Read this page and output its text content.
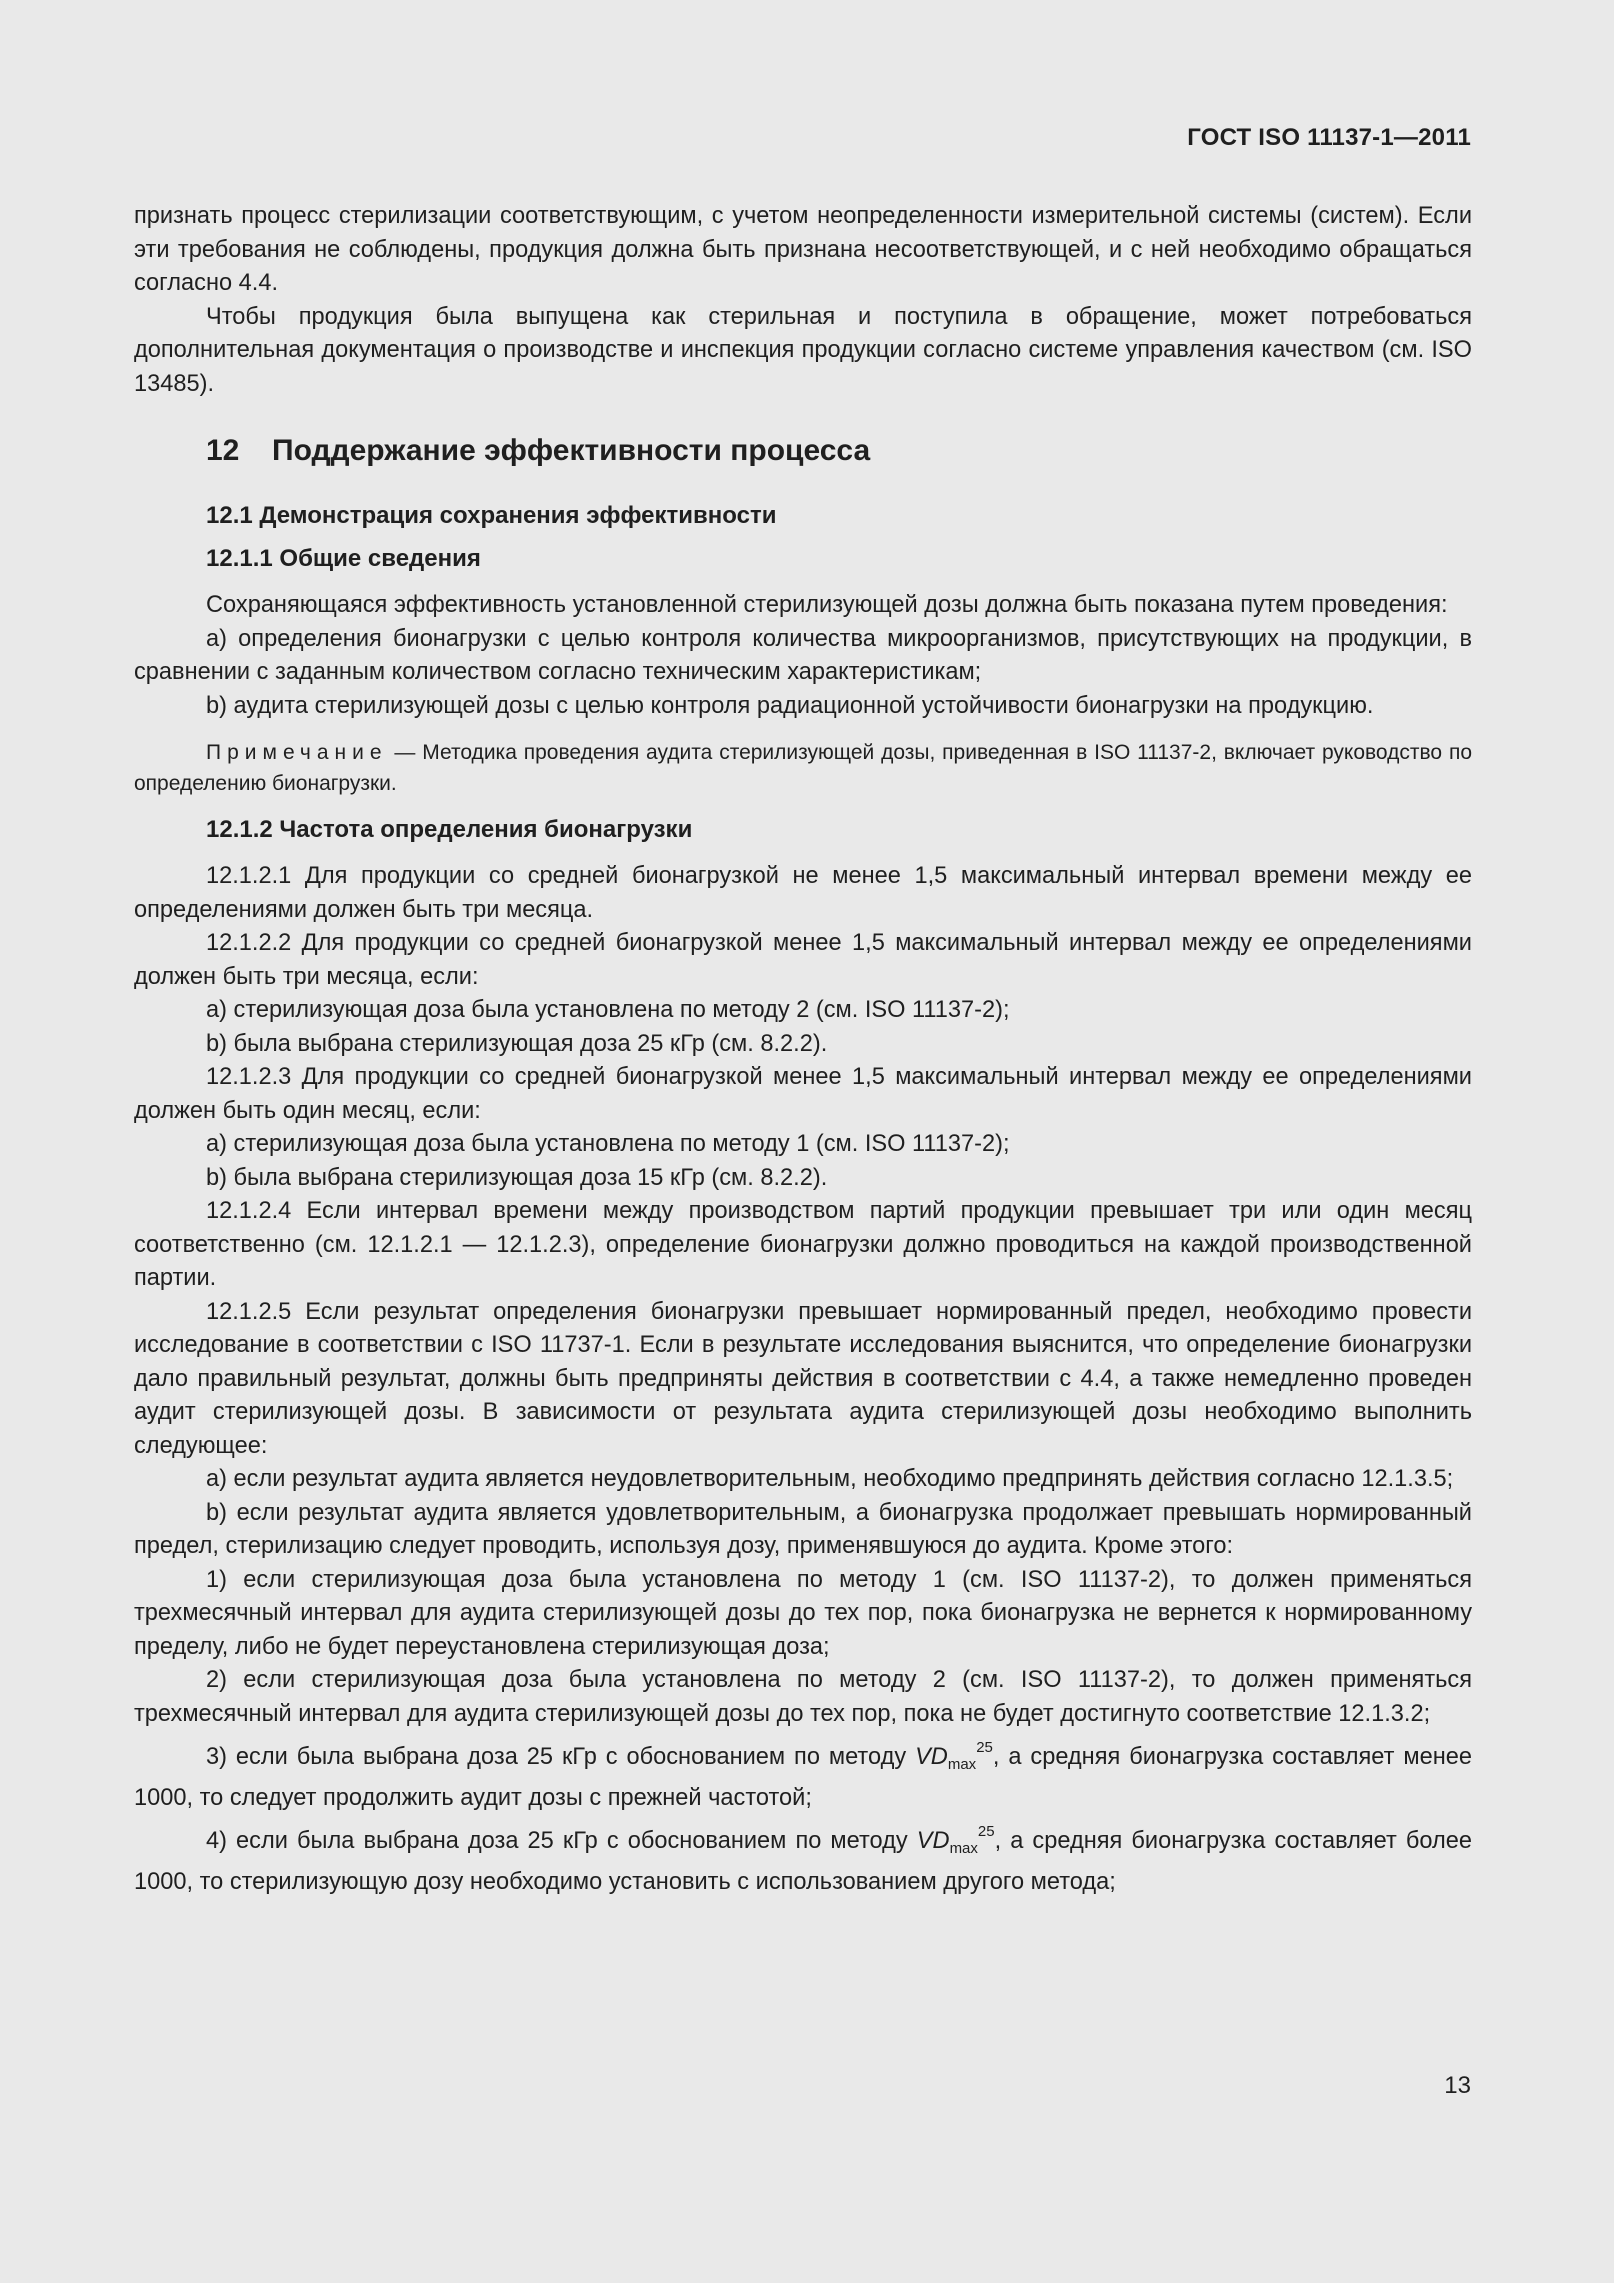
ГОСТ ISO 11137-1—2011

признать процесс стерилизации соответствующим, с учетом неопределенности измерительной системы (систем). Если эти требования не соблюдены, продукция должна быть признана несоответствующей, и с ней необходимо обращаться согласно 4.4.

Чтобы продукция была выпущена как стерильная и поступила в обращение, может потребоваться дополнительная документация о производстве и инспекция продукции согласно системе управления качеством (см. ISO 13485).

12 Поддержание эффективности процесса
12.1 Демонстрация сохранения эффективности
12.1.1 Общие сведения

Сохраняющаяся эффективность установленной стерилизующей дозы должна быть показана путем проведения:

a) определения бионагрузки с целью контроля количества микроорганизмов, присутствующих на продукции, в сравнении с заданным количеством согласно техническим характеристикам;

b) аудита стерилизующей дозы с целью контроля радиационной устойчивости бионагрузки на продукцию.

Примечание — Методика проведения аудита стерилизующей дозы, приведенная в ISO 11137-2, включает руководство по определению бионагрузки.

12.1.2 Частота определения бионагрузки

12.1.2.1 Для продукции со средней бионагрузкой не менее 1,5 максимальный интервал времени между ее определениями должен быть три месяца.

12.1.2.2 Для продукции со средней бионагрузкой менее 1,5 максимальный интервал между ее определениями должен быть три месяца, если:

a) стерилизующая доза была установлена по методу 2 (см. ISO 11137-2);

b) была выбрана стерилизующая доза 25 кГр (см. 8.2.2).

12.1.2.3 Для продукции со средней бионагрузкой менее 1,5 максимальный интервал между ее определениями должен быть один месяц, если:

a) стерилизующая доза была установлена по методу 1 (см. ISO 11137-2);

b) была выбрана стерилизующая доза 15 кГр (см. 8.2.2).

12.1.2.4 Если интервал времени между производством партий продукции превышает три или один месяц соответственно (см. 12.1.2.1 — 12.1.2.3), определение бионагрузки должно проводиться на каждой производственной партии.

12.1.2.5 Если результат определения бионагрузки превышает нормированный предел, необходимо провести исследование в соответствии с ISO 11737-1. Если в результате исследования выяснится, что определение бионагрузки дало правильный результат, должны быть предприняты действия в соответствии с 4.4, а также немедленно проведен аудит стерилизующей дозы. В зависимости от результата аудита стерилизующей дозы необходимо выполнить следующее:

a) если результат аудита является неудовлетворительным, необходимо предпринять действия согласно 12.1.3.5;

b) если результат аудита является удовлетворительным, а бионагрузка продолжает превышать нормированный предел, стерилизацию следует проводить, используя дозу, применявшуюся до аудита. Кроме этого:

1) если стерилизующая доза была установлена по методу 1 (см. ISO 11137-2), то должен применяться трехмесячный интервал для аудита стерилизующей дозы до тех пор, пока бионагрузка не вернется к нормированному пределу, либо не будет переустановлена стерилизующая доза;

2) если стерилизующая доза была установлена по методу 2 (см. ISO 11137-2), то должен применяться трехмесячный интервал для аудита стерилизующей дозы до тех пор, пока не будет достигнуто соответствие 12.1.3.2;

3) если была выбрана доза 25 кГр с обоснованием по методу $VD_{max}^{25}$, а средняя бионагрузка составляет менее 1000, то следует продолжить аудит дозы с прежней частотой;

4) если была выбрана доза 25 кГр с обоснованием по методу $VD_{max}^{25}$, а средняя бионагрузка составляет более 1000, то стерилизующую дозу необходимо установить с использованием другого метода;

13
